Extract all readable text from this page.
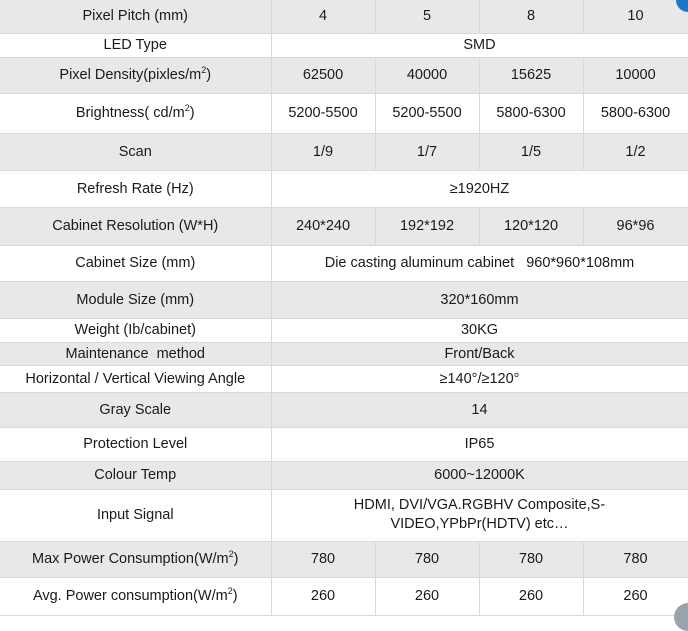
Pixel Pitch (mm)	4	5	8	10
LED Type	SMD			
Pixel $Density(pixles/m^2)$	62500	40000	15625	10000
Brightness( $cd/m^2$)	5200-5500	5200-5500	5800-6300	5800-6300
Scan	1/9	1/7	1/5	1/2
Refresh Rate (Hz)	≥1920HZ			
Cabinet Resolution (W*H)	240*240	192*192	120*120	96*96
Cabinet Size (mm)	Die casting aluminum cabinet   960*960*108mm			
Module Size (mm)	320*160mm			
Weight (Ib/cabinet)	30KG			
Maintenance  method	Front/Back			
Horizontal / Vertical Viewing Angle	≥140°/≥120°			
Gray Scale	14			
Protection Level	IP65			
Colour Temp	6000~12000K			
Input Signal	HDMI, DVI/VGA.RGBHV Composite,S-VIDEO,YPbPr(HDTV) etc…			
Max Power $Consumption(W/m^2)$	780	780	780	780
Avg. Power $consumption(W/m^2)$	260	260	260	260
